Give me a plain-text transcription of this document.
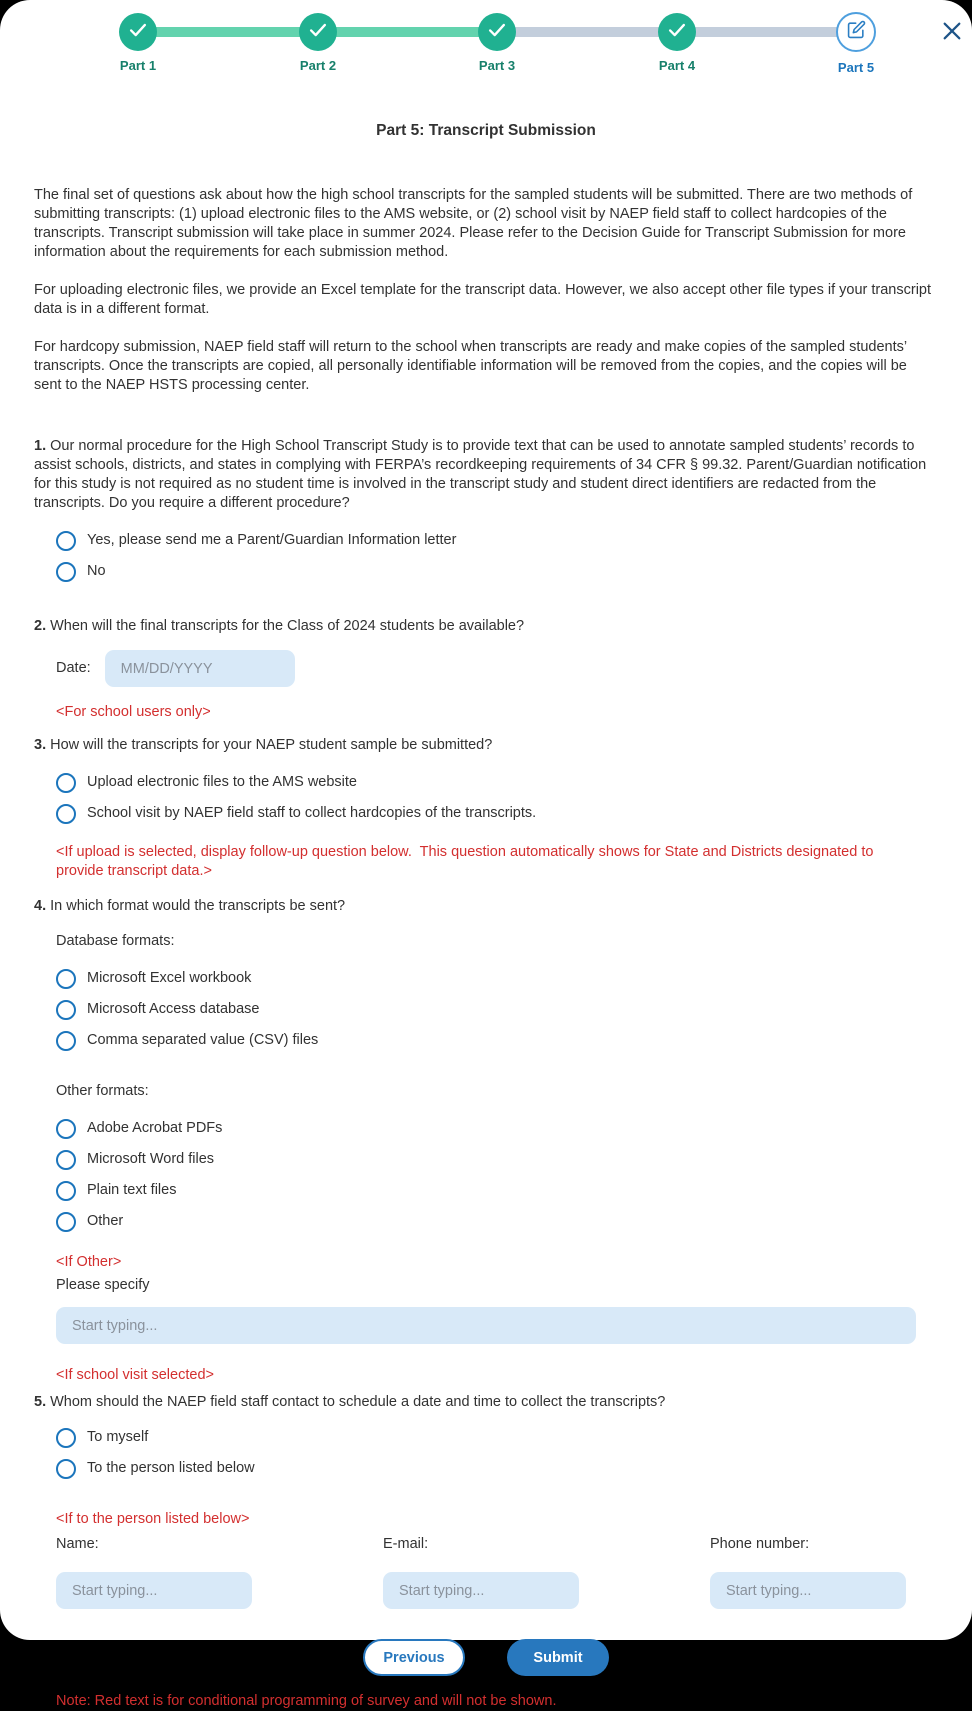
Part 1	Part 2	Part 3	Part 4	Part 5
Part 5: Transcript Submission

The final set of questions ask about how the high school transcripts for the sampled students will be submitted. There are two methods of submitting transcripts: (1) upload electronic files to the AMS website, or (2) school visit by NAEP field staff to collect hardcopies of the transcripts. Transcript submission will take place in summer 2024. Please refer to the Decision Guide for Transcript Submission for more information about the requirements for each submission method.

For uploading electronic files, we provide an Excel template for the transcript data. However, we also accept other file types if your transcript data is in a different format.

For hardcopy submission, NAEP field staff will return to the school when transcripts are ready and make copies of the sampled students’ transcripts. Once the transcripts are copied, all personally identifiable information will be removed from the copies, and the copies will be sent to the NAEP HSTS processing center.

1. Our normal procedure for the High School Transcript Study is to provide text that can be used to annotate sampled students’ records to assist schools, districts, and states in complying with FERPA’s recordkeeping requirements of 34 CFR § 99.32. Parent/Guardian notification for this study is not required as no student time is involved in the transcript study and student direct identifiers are redacted from the transcripts. Do you require a different procedure?
Yes, please send me a Parent/Guardian Information letter
No
2. When will the final transcripts for the Class of 2024 students be available?
Date:
MM/DD/YYYY
<For school users only>
3. How will the transcripts for your NAEP student sample be submitted?
Upload electronic files to the AMS website
School visit by NAEP field staff to collect hardcopies of the transcripts.
<If upload is selected, display follow-up question below.  This question automatically shows for State and Districts designated to provide transcript data.>
4. In which format would the transcripts be sent?
Database formats:
Microsoft Excel workbook
Microsoft Access database
Comma separated value (CSV) files
Other formats:
Adobe Acrobat PDFs
Microsoft Word files
Plain text files
Other
<If Other>
Please specify
Start typing...
<If school visit selected>
5. Whom should the NAEP field staff contact to schedule a date and time to collect the transcripts?
To myself
To the person listed below
<If to the person listed below>
Name:
Start typing...	E-mail:
Start typing...	Phone number:
Start typing...
Previous	Submit
Note: Red text is for conditional programming of survey and will not be shown.
